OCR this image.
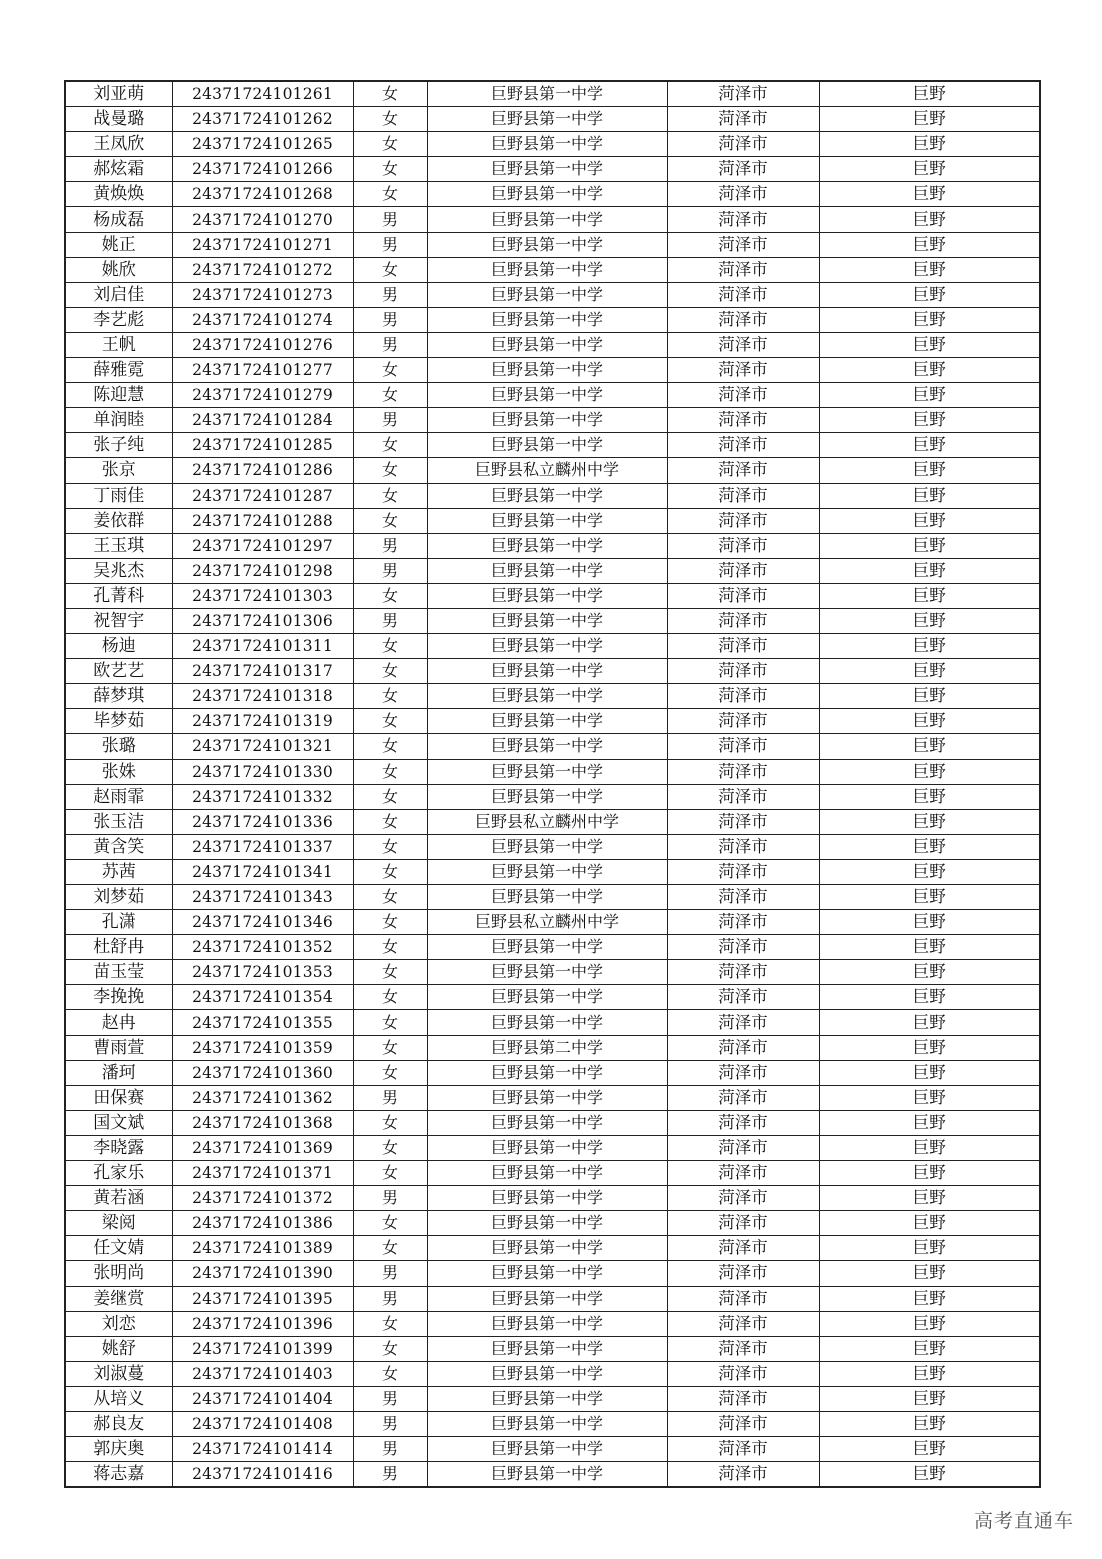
刘亚萌	24371724101261	女	巨野县第一中学	菏泽市	巨野
战曼璐	24371724101262	女	巨野县第一中学	菏泽市	巨野
王凤欣	24371724101265	女	巨野县第一中学	菏泽市	巨野
郝炫霜	24371724101266	女	巨野县第一中学	菏泽市	巨野
黄焕焕	24371724101268	女	巨野县第一中学	菏泽市	巨野
杨成磊	24371724101270	男	巨野县第一中学	菏泽市	巨野
姚正	24371724101271	男	巨野县第一中学	菏泽市	巨野
姚欣	24371724101272	女	巨野县第一中学	菏泽市	巨野
刘启佳	24371724101273	男	巨野县第一中学	菏泽市	巨野
李艺彪	24371724101274	男	巨野县第一中学	菏泽市	巨野
王帆	24371724101276	男	巨野县第一中学	菏泽市	巨野
薛雅霓	24371724101277	女	巨野县第一中学	菏泽市	巨野
陈迎慧	24371724101279	女	巨野县第一中学	菏泽市	巨野
单润睦	24371724101284	男	巨野县第一中学	菏泽市	巨野
张子纯	24371724101285	女	巨野县第一中学	菏泽市	巨野
张京	24371724101286	女	巨野县私立麟州中学	菏泽市	巨野
丁雨佳	24371724101287	女	巨野县第一中学	菏泽市	巨野
姜依群	24371724101288	女	巨野县第一中学	菏泽市	巨野
王玉琪	24371724101297	男	巨野县第一中学	菏泽市	巨野
吴兆杰	24371724101298	男	巨野县第一中学	菏泽市	巨野
孔菁科	24371724101303	女	巨野县第一中学	菏泽市	巨野
祝智宇	24371724101306	男	巨野县第一中学	菏泽市	巨野
杨迪	24371724101311	女	巨野县第一中学	菏泽市	巨野
欧艺艺	24371724101317	女	巨野县第一中学	菏泽市	巨野
薛梦琪	24371724101318	女	巨野县第一中学	菏泽市	巨野
毕梦茹	24371724101319	女	巨野县第一中学	菏泽市	巨野
张璐	24371724101321	女	巨野县第一中学	菏泽市	巨野
张姝	24371724101330	女	巨野县第一中学	菏泽市	巨野
赵雨霏	24371724101332	女	巨野县第一中学	菏泽市	巨野
张玉洁	24371724101336	女	巨野县私立麟州中学	菏泽市	巨野
黄含笑	24371724101337	女	巨野县第一中学	菏泽市	巨野
苏茜	24371724101341	女	巨野县第一中学	菏泽市	巨野
刘梦茹	24371724101343	女	巨野县第一中学	菏泽市	巨野
孔潇	24371724101346	女	巨野县私立麟州中学	菏泽市	巨野
杜舒冉	24371724101352	女	巨野县第一中学	菏泽市	巨野
苗玉莹	24371724101353	女	巨野县第一中学	菏泽市	巨野
李挽挽	24371724101354	女	巨野县第一中学	菏泽市	巨野
赵冉	24371724101355	女	巨野县第一中学	菏泽市	巨野
曹雨萱	24371724101359	女	巨野县第二中学	菏泽市	巨野
潘珂	24371724101360	女	巨野县第一中学	菏泽市	巨野
田保赛	24371724101362	男	巨野县第一中学	菏泽市	巨野
国文斌	24371724101368	女	巨野县第一中学	菏泽市	巨野
李晓露	24371724101369	女	巨野县第一中学	菏泽市	巨野
孔家乐	24371724101371	女	巨野县第一中学	菏泽市	巨野
黄若涵	24371724101372	男	巨野县第一中学	菏泽市	巨野
梁阅	24371724101386	女	巨野县第一中学	菏泽市	巨野
任文婧	24371724101389	女	巨野县第一中学	菏泽市	巨野
张明尚	24371724101390	男	巨野县第一中学	菏泽市	巨野
姜继赏	24371724101395	男	巨野县第一中学	菏泽市	巨野
刘恋	24371724101396	女	巨野县第一中学	菏泽市	巨野
姚舒	24371724101399	女	巨野县第一中学	菏泽市	巨野
刘淑蔓	24371724101403	女	巨野县第一中学	菏泽市	巨野
从培义	24371724101404	男	巨野县第一中学	菏泽市	巨野
郝良友	24371724101408	男	巨野县第一中学	菏泽市	巨野
郭庆奥	24371724101414	男	巨野县第一中学	菏泽市	巨野
蒋志嘉	24371724101416	男	巨野县第一中学	菏泽市	巨野
高考直通车
